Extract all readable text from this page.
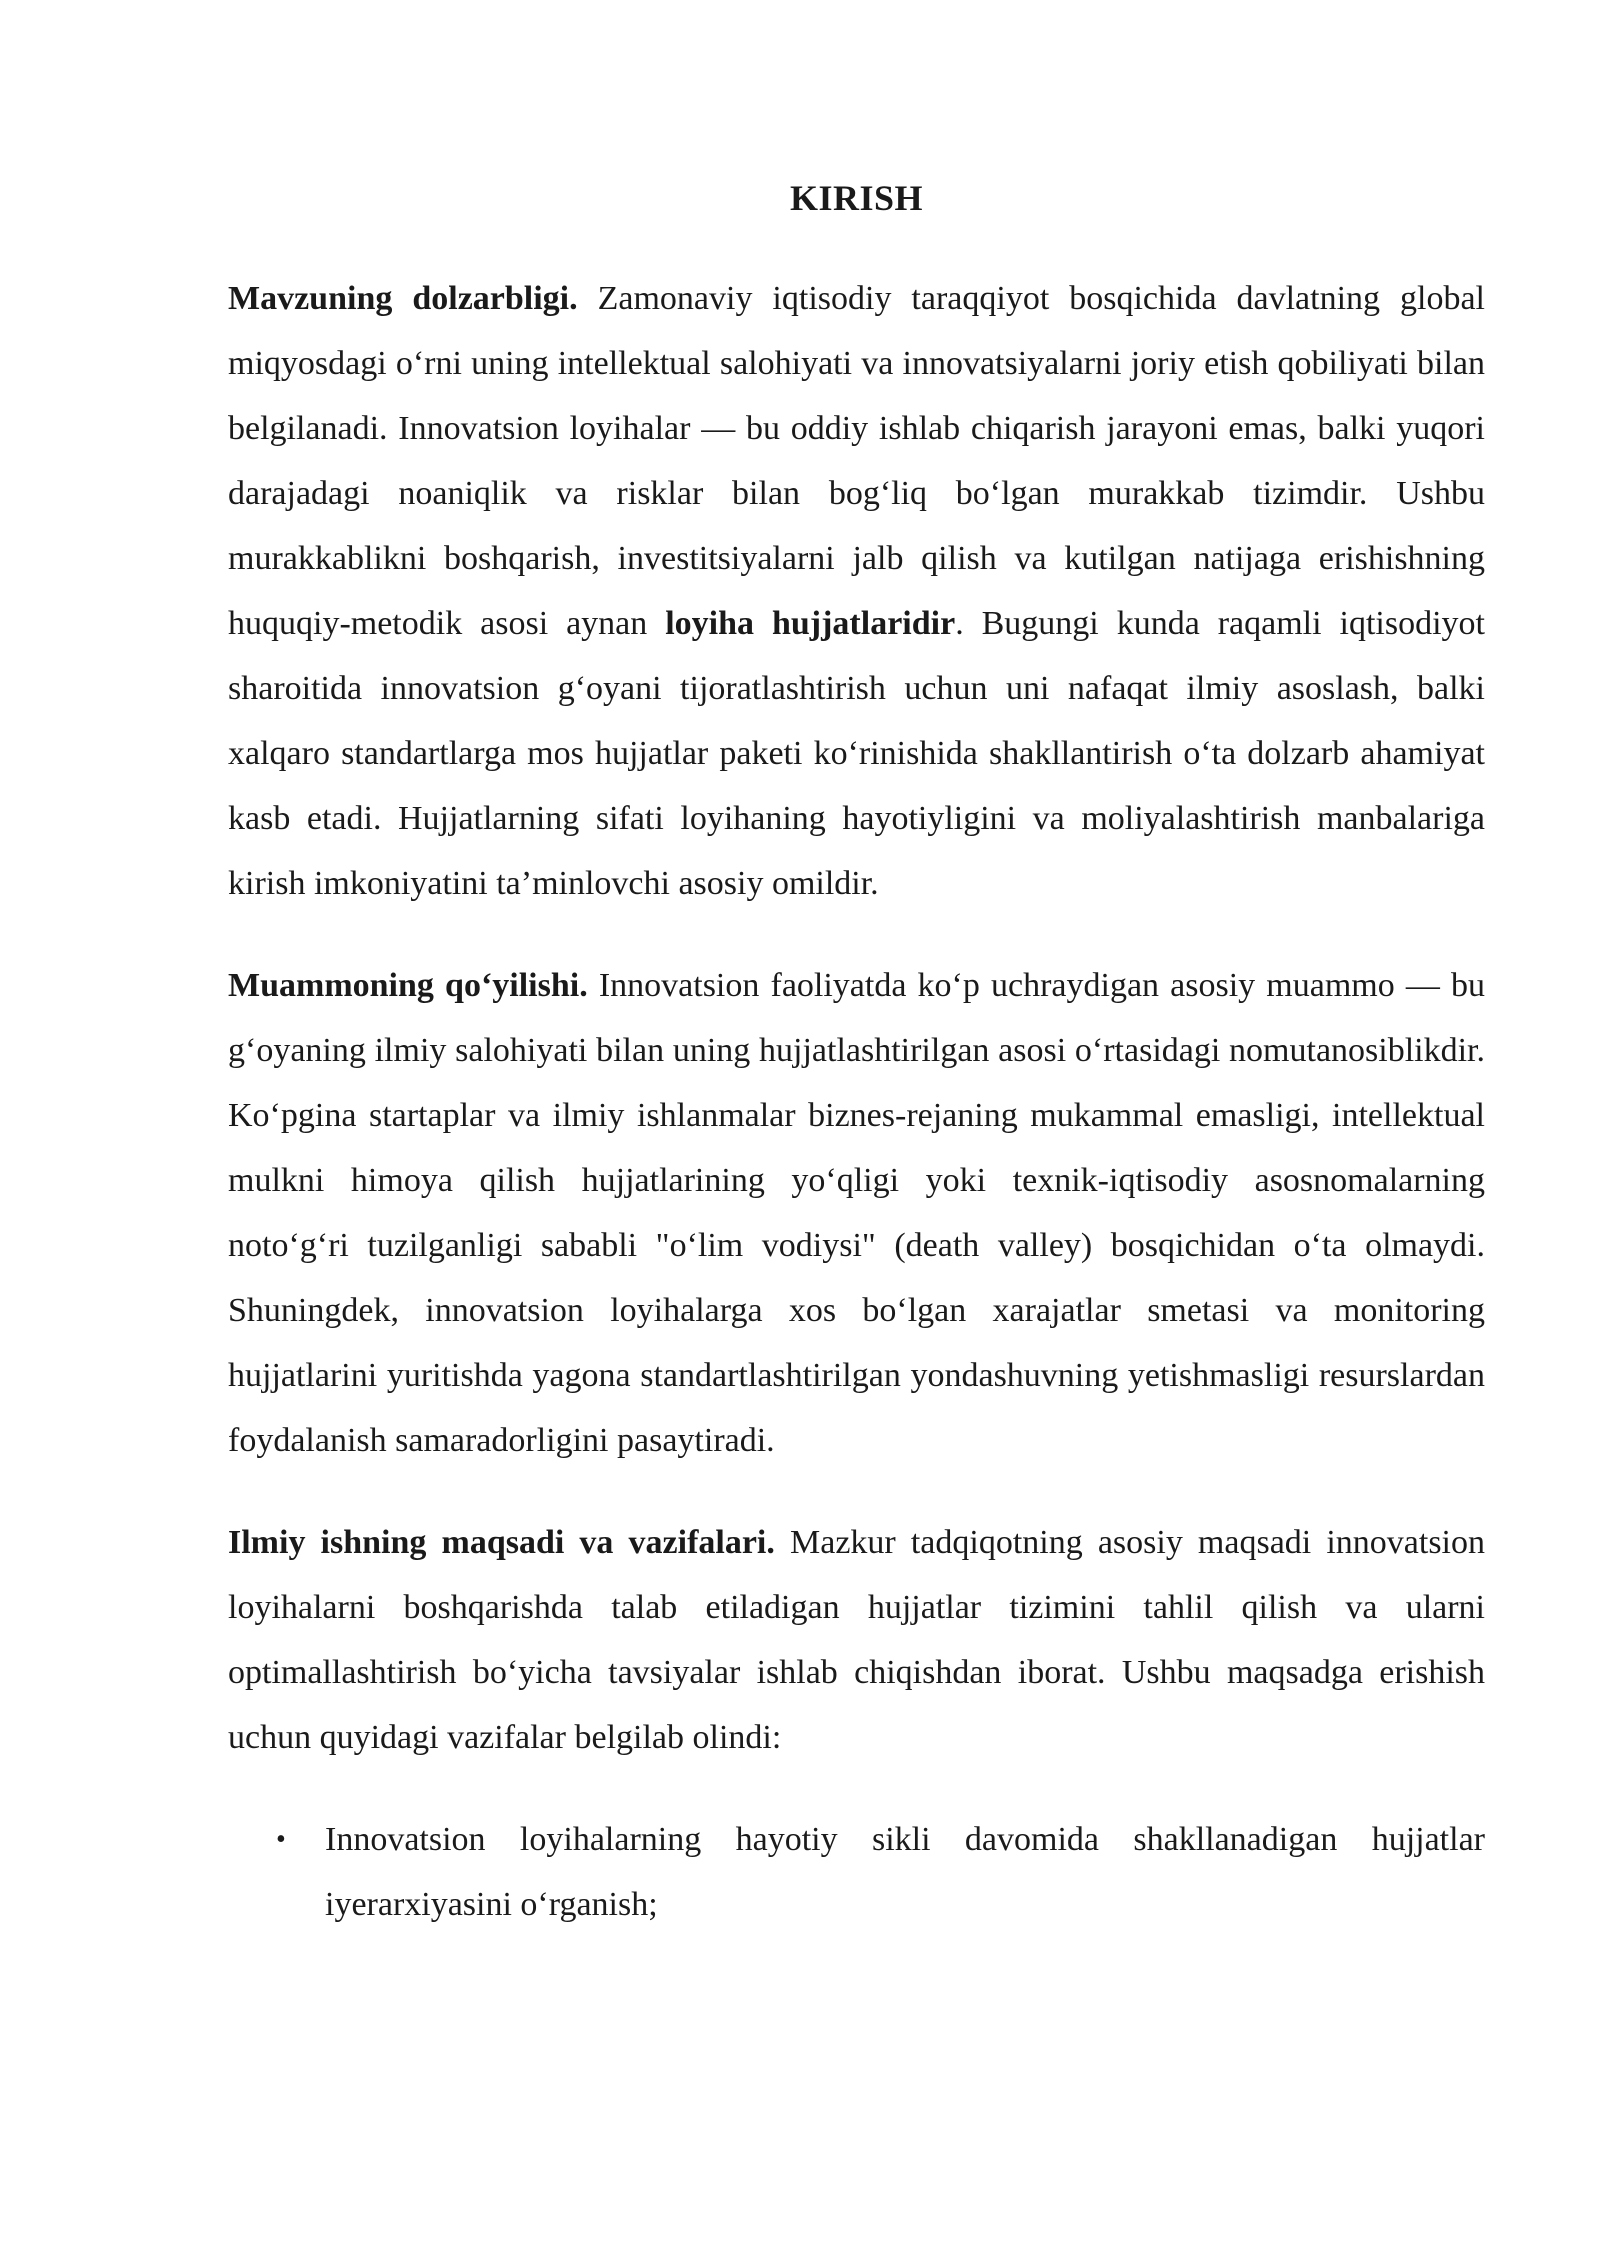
KIRISH

Mavzuning dolzarbligi. Zamonaviy iqtisodiy taraqqiyot bosqichida davlatning global miqyosdagi o‘rni uning intellektual salohiyati va innovatsiyalarni joriy etish qobiliyati bilan belgilanadi. Innovatsion loyihalar — bu oddiy ishlab chiqarish jarayoni emas, balki yuqori darajadagi noaniqlik va risklar bilan bog‘liq bo‘lgan murakkab tizimdir. Ushbu murakkablikni boshqarish, investitsiyalarni jalb qilish va kutilgan natijaga erishishning huquqiy-metodik asosi aynan loyiha hujjatlaridir. Bugungi kunda raqamli iqtisodiyot sharoitida innovatsion g‘oyani tijoratlashtirish uchun uni nafaqat ilmiy asoslash, balki xalqaro standartlarga mos hujjatlar paketi ko‘rinishida shakllantirish o‘ta dolzarb ahamiyat kasb etadi. Hujjatlarning sifati loyihaning hayotiyligini va moliyalashtirish manbalariga kirish imkoniyatini ta’minlovchi asosiy omildir.

Muammoning qo‘yilishi. Innovatsion faoliyatda ko‘p uchraydigan asosiy muammo — bu g‘oyaning ilmiy salohiyati bilan uning hujjatlashtirilgan asosi o‘rtasidagi nomutanosiblikdir. Ko‘pgina startaplar va ilmiy ishlanmalar biznes-rejaning mukammal emasligi, intellektual mulkni himoya qilish hujjatlarining yo‘qligi yoki texnik-iqtisodiy asosnomalarning noto‘g‘ri tuzilganligi sababli "o‘lim vodiysi" (death valley) bosqichidan o‘ta olmaydi. Shuningdek, innovatsion loyihalarga xos bo‘lgan xarajatlar smetasi va monitoring hujjatlarini yuritishda yagona standartlashtirilgan yondashuvning yetishmasligi resurslardan foydalanish samaradorligini pasaytiradi.

Ilmiy ishning maqsadi va vazifalari. Mazkur tadqiqotning asosiy maqsadi innovatsion loyihalarni boshqarishda talab etiladigan hujjatlar tizimini tahlil qilish va ularni optimallashtirish bo‘yicha tavsiyalar ishlab chiqishdan iborat. Ushbu maqsadga erishish uchun quyidagi vazifalar belgilab olindi:

• Innovatsion loyihalarning hayotiy sikli davomida shakllanadigan hujjatlar iyerarxiyasini o‘rganish;
